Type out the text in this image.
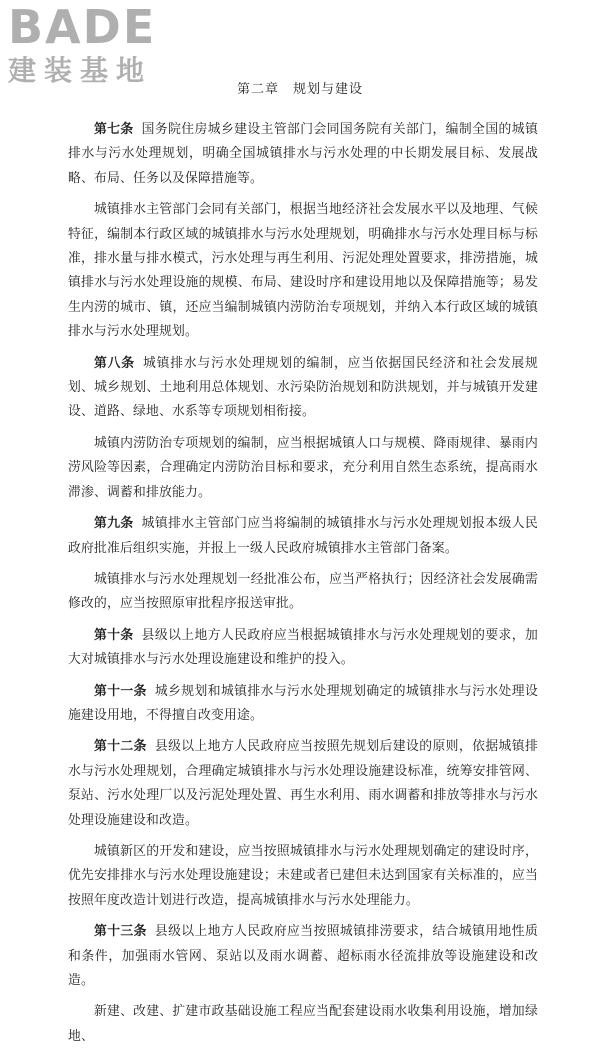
BADE
建装基地
第二章　规划与建设

第七条 国务院住房城乡建设主管部门会同国务院有关部门，编制全国的城镇排水与污水处理规划，明确全国城镇排水与污水处理的中长期发展目标、发展战略、布局、任务以及保障措施等。

城镇排水主管部门会同有关部门，根据当地经济社会发展水平以及地理、气候特征，编制本行政区域的城镇排水与污水处理规划，明确排水与污水处理目标与标准，排水量与排水模式，污水处理与再生利用、污泥处理处置要求，排涝措施，城镇排水与污水处理设施的规模、布局、建设时序和建设用地以及保障措施等；易发生内涝的城市、镇，还应当编制城镇内涝防治专项规划，并纳入本行政区域的城镇排水与污水处理规划。

第八条 城镇排水与污水处理规划的编制，应当依据国民经济和社会发展规划、城乡规划、土地利用总体规划、水污染防治规划和防洪规划，并与城镇开发建设、道路、绿地、水系等专项规划相衔接。

城镇内涝防治专项规划的编制，应当根据城镇人口与规模、降雨规律、暴雨内涝风险等因素，合理确定内涝防治目标和要求，充分利用自然生态系统，提高雨水滞渗、调蓄和排放能力。

第九条 城镇排水主管部门应当将编制的城镇排水与污水处理规划报本级人民政府批准后组织实施，并报上一级人民政府城镇排水主管部门备案。

城镇排水与污水处理规划一经批准公布，应当严格执行；因经济社会发展确需修改的，应当按照原审批程序报送审批。

第十条 县级以上地方人民政府应当根据城镇排水与污水处理规划的要求，加大对城镇排水与污水处理设施建设和维护的投入。

第十一条 城乡规划和城镇排水与污水处理规划确定的城镇排水与污水处理设施建设用地，不得擅自改变用途。

第十二条 县级以上地方人民政府应当按照先规划后建设的原则，依据城镇排水与污水处理规划，合理确定城镇排水与污水处理设施建设标准，统筹安排管网、泵站、污水处理厂以及污泥处理处置、再生水利用、雨水调蓄和排放等排水与污水处理设施建设和改造。

城镇新区的开发和建设，应当按照城镇排水与污水处理规划确定的建设时序，优先安排排水与污水处理设施建设；未建或者已建但未达到国家有关标准的，应当按照年度改造计划进行改造，提高城镇排水与污水处理能力。

第十三条 县级以上地方人民政府应当按照城镇排涝要求，结合城镇用地性质和条件，加强雨水管网、泵站以及雨水调蓄、超标雨水径流排放等设施建设和改造。

新建、改建、扩建市政基础设施工程应当配套建设雨水收集利用设施，增加绿地、
